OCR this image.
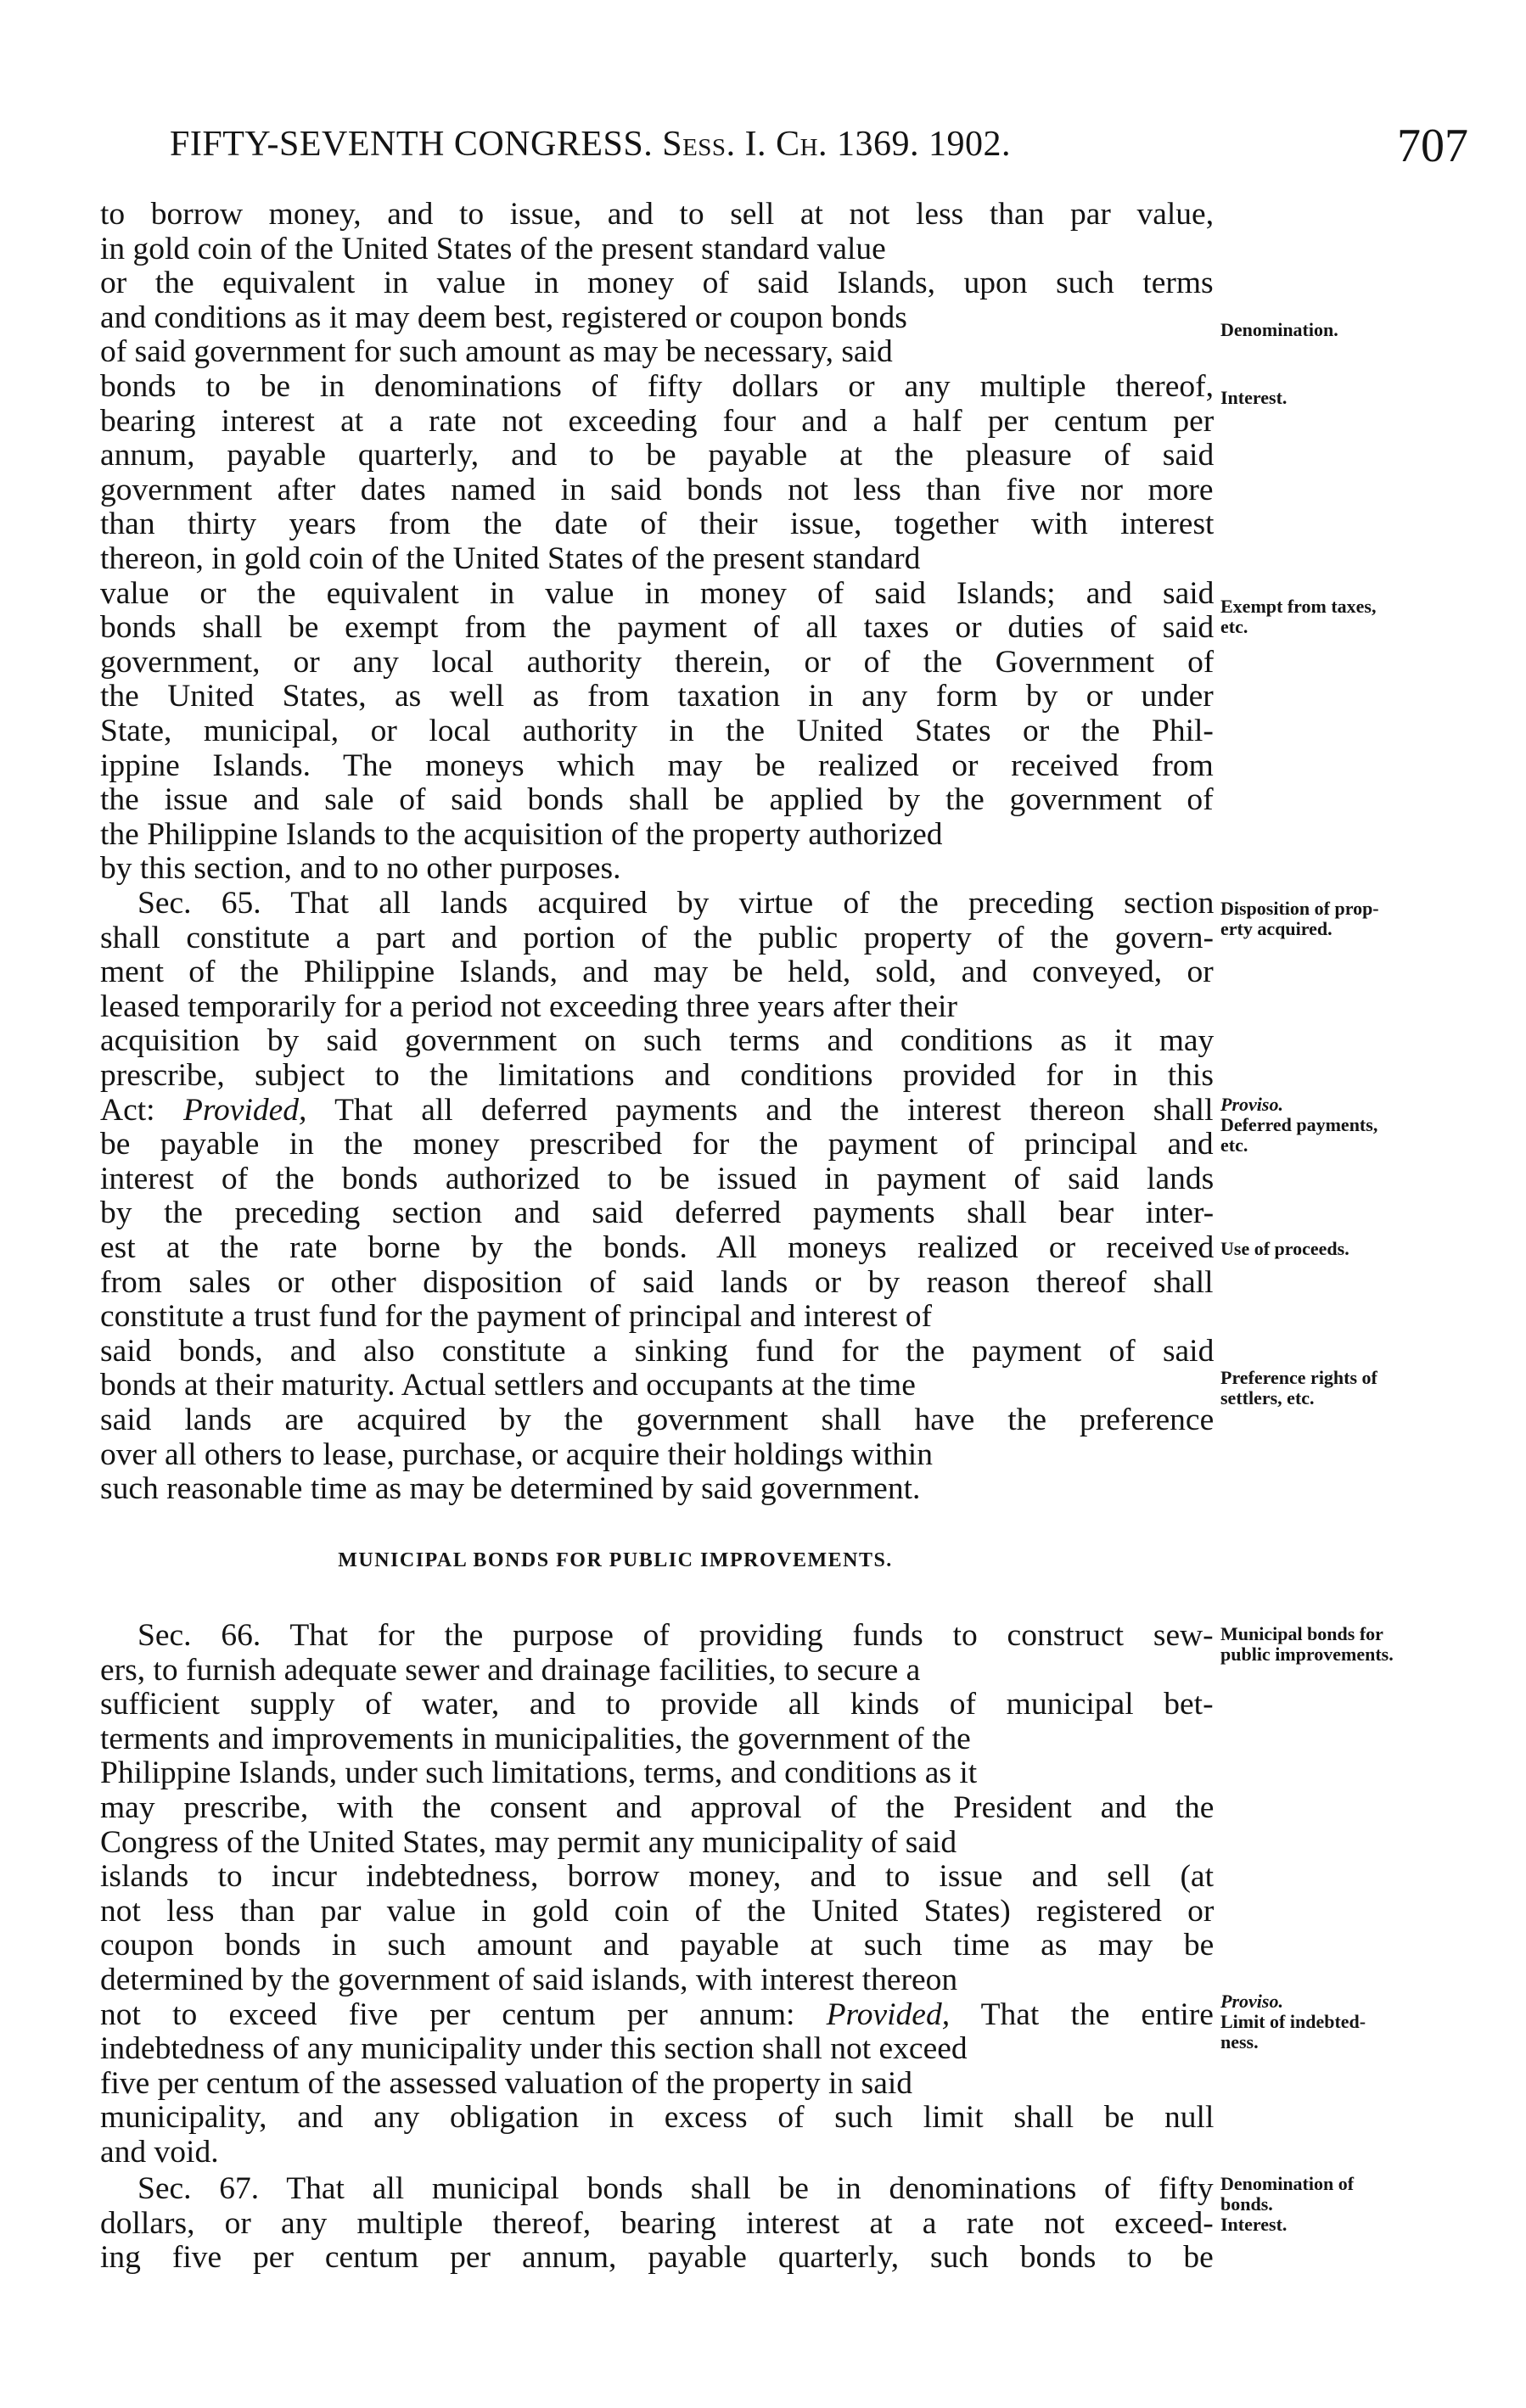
FIFTY-SEVENTH CONGRESS. Sess. I. Ch. 1369. 1902.	707
to borrow money, and to issue, and to sell at not less than par value,
in gold coin of the United States of the present standard value
or the equivalent in value in money of said Islands, upon such terms
and conditions as it may deem best, registered or coupon bonds
of said government for such amount as may be necessary, said
bonds to be in denominations of fifty dollars or any multiple thereof,
bearing interest at a rate not exceeding four and a half per centum per
annum, payable quarterly, and to be payable at the pleasure of said
government after dates named in said bonds not less than five nor more
than thirty years from the date of their issue, together with interest
thereon, in gold coin of the United States of the present standard
value or the equivalent in value in money of said Islands; and said
bonds shall be exempt from the payment of all taxes or duties of said
government, or any local authority therein, or of the Government of
the United States, as well as from taxation in any form by or under
State, municipal, or local authority in the United States or the Phil-
ippine Islands. The moneys which may be realized or received from
the issue and sale of said bonds shall be applied by the government of
the Philippine Islands to the acquisition of the property authorized
by this section, and to no other purposes.
Sec. 65. That all lands acquired by virtue of the preceding section
shall constitute a part and portion of the public property of the govern-
ment of the Philippine Islands, and may be held, sold, and conveyed, or
leased temporarily for a period not exceeding three years after their
acquisition by said government on such terms and conditions as it may
prescribe, subject to the limitations and conditions provided for in this
Act: Provided, That all deferred payments and the interest thereon shall
be payable in the money prescribed for the payment of principal and
interest of the bonds authorized to be issued in payment of said lands
by the preceding section and said deferred payments shall bear inter-
est at the rate borne by the bonds. All moneys realized or received
from sales or other disposition of said lands or by reason thereof shall
constitute a trust fund for the payment of principal and interest of
said bonds, and also constitute a sinking fund for the payment of said
bonds at their maturity. Actual settlers and occupants at the time
said lands are acquired by the government shall have the preference
over all others to lease, purchase, or acquire their holdings within
such reasonable time as may be determined by said government.
MUNICIPAL BONDS FOR PUBLIC IMPROVEMENTS.
Sec. 66. That for the purpose of providing funds to construct sew-
ers, to furnish adequate sewer and drainage facilities, to secure a
sufficient supply of water, and to provide all kinds of municipal bet-
terments and improvements in municipalities, the government of the
Philippine Islands, under such limitations, terms, and conditions as it
may prescribe, with the consent and approval of the President and the
Congress of the United States, may permit any municipality of said
islands to incur indebtedness, borrow money, and to issue and sell (at
not less than par value in gold coin of the United States) registered or
coupon bonds in such amount and payable at such time as may be
determined by the government of said islands, with interest thereon
not to exceed five per centum per annum: Provided, That the entire
indebtedness of any municipality under this section shall not exceed
five per centum of the assessed valuation of the property in said
municipality, and any obligation in excess of such limit shall be null
and void.
Sec. 67. That all municipal bonds shall be in denominations of fifty
dollars, or any multiple thereof, bearing interest at a rate not exceed-
ing five per centum per annum, payable quarterly, such bonds to be
Denomination.
Interest.
Exempt from taxes,
etc.
Disposition of prop-
erty acquired.
Proviso.
Deferred payments,
etc.
Use of proceeds.
Preference rights of
settlers, etc.
Municipal bonds for
public improvements.
Proviso.
Limit of indebted-
ness.
Denomination of
bonds.
Interest.
